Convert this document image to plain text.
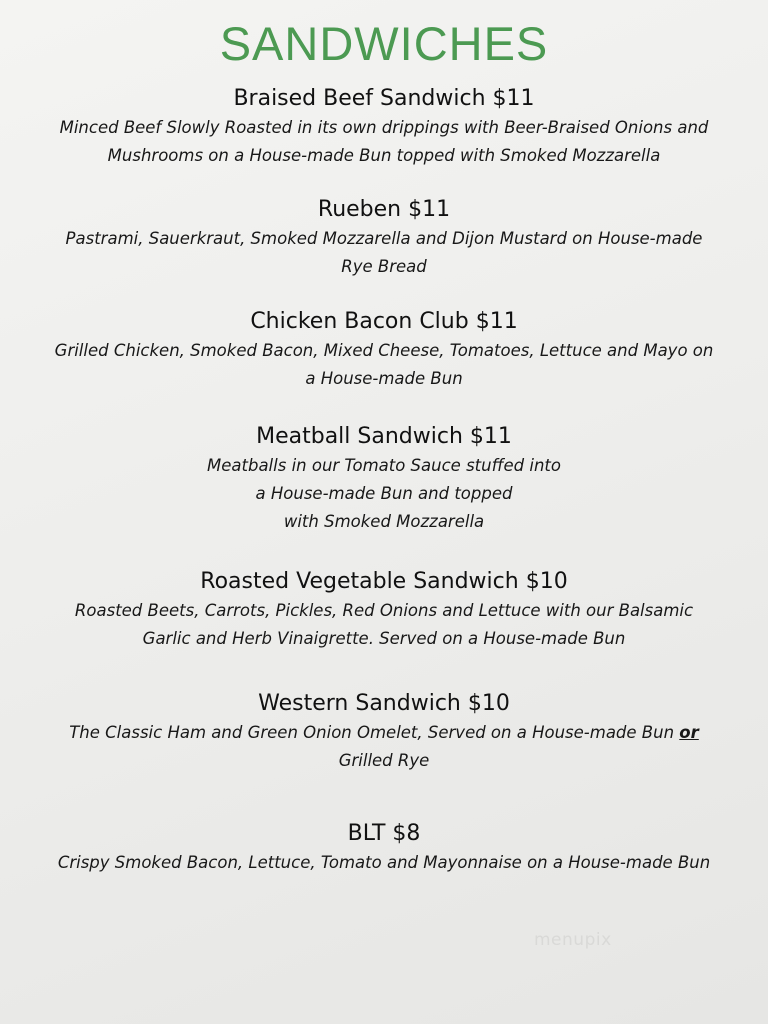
SANDWICHES
Braised Beef Sandwich $11
Minced Beef Slowly Roasted in its own drippings with Beer-Braised Onions and
Mushrooms on a House-made Bun topped with Smoked Mozzarella
Rueben $11
Pastrami, Sauerkraut, Smoked Mozzarella and Dijon Mustard on House-made
Rye Bread
Chicken Bacon Club $11
Grilled Chicken, Smoked Bacon, Mixed Cheese, Tomatoes, Lettuce and Mayo on
a House-made Bun
Meatball Sandwich $11
Meatballs in our Tomato Sauce stuffed into
a House-made Bun and topped
with Smoked Mozzarella
Roasted Vegetable Sandwich $10
Roasted Beets, Carrots, Pickles, Red Onions and Lettuce with our Balsamic
Garlic and Herb Vinaigrette. Served on a House-made Bun
Western Sandwich $10
The Classic Ham and Green Onion Omelet, Served on a House-made Bun or
Grilled Rye
BLT $8
Crispy Smoked Bacon, Lettuce, Tomato and Mayonnaise on a House-made Bun
menupix
